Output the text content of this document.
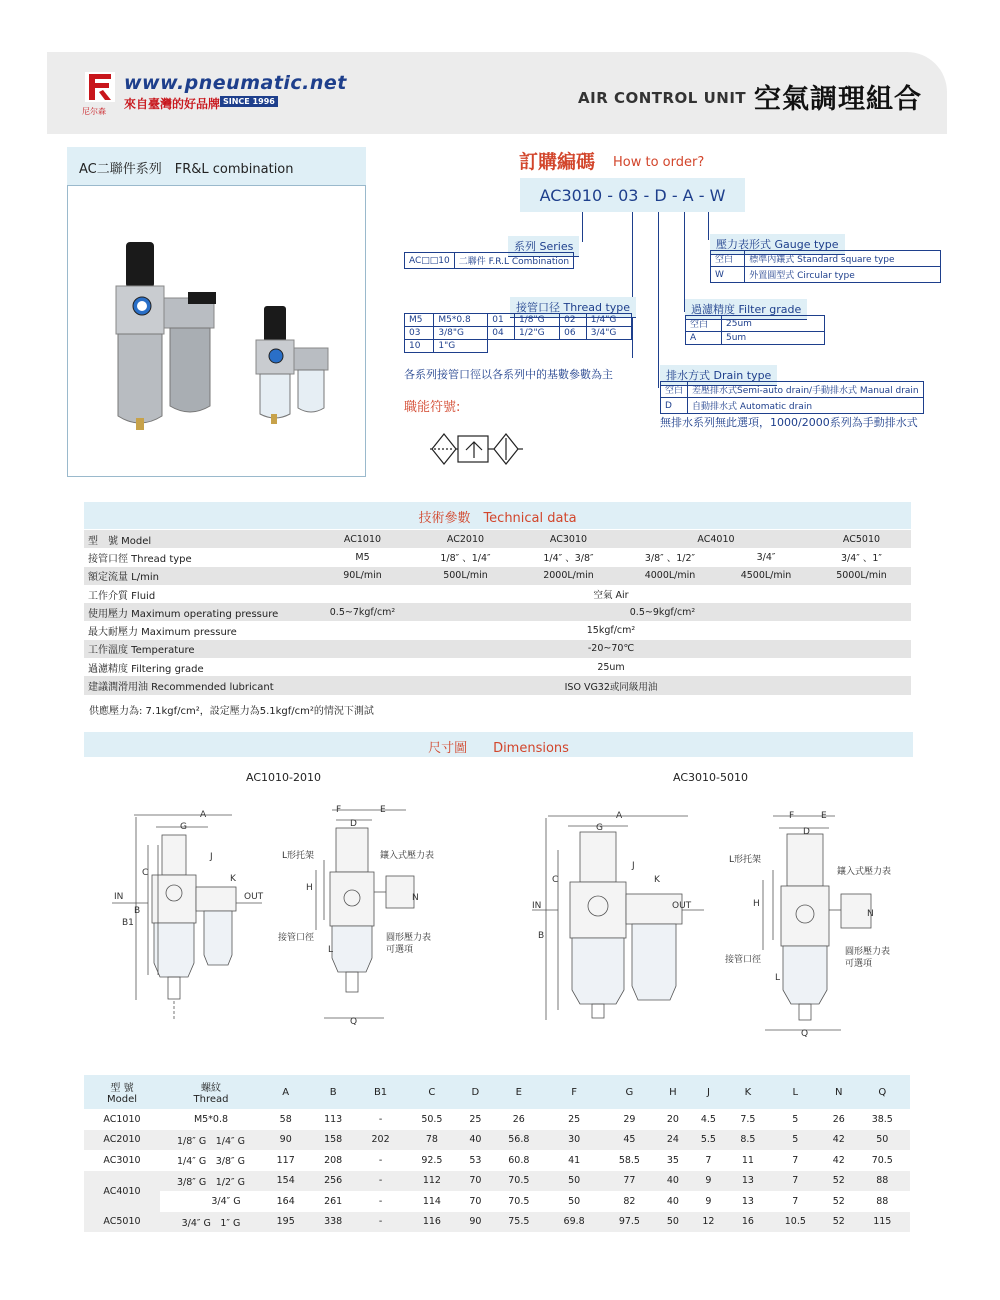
www.pneumatic.net
來自臺灣的好品牌 SINCE 1996
尼尔森
AIR CONTROL UNIT 空氣調理組合
AC二聯件系列　FR&L combination	訂購編碼 How to order?
AC3010 - 03 - D - A - W
系列 Series
AC□□10	二聯件 F.R.L Combination
接管口径 Thread type
M5	M5*0.8	01	1/8"G	02	1/4"G
03	3/8"G	04	1/2"G	06	3/4"G
10	1"G				
各系列接管口徑以各系列中的基數參數為主
職能符號:
壓力表形式 Gauge type
空白	標準內鑲式 Standard square type
W	外置圓型式 Circular type
過濾精度 Filter grade
空白	25um
A	5um
排水方式 Drain type
空白	差壓排水式Semi-auto drain/手動排水式 Manual drain
D	自動排水式 Automatic drain
無排水系列無此選項，1000/2000系列為手動排水式
技術參數　Technical data
型　號 Model	AC1010	AC2010	AC3010	AC4010		AC5010
接管口徑 Thread type	M5	1/8″ 、1/4″	1/4″ 、3/8″	3/8″ 、1/2″	3/4″	3/4″ 、1″
額定流量 L/min	90L/min	500L/min	2000L/min	4000L/min	4500L/min	5000L/min
工作介質 Fluid	空氣 Air					
使用壓力 Maximum operating pressure	0.5~7kgf/cm²	0.5~9kgf/cm²				
最大耐壓力 Maximum pressure	15kgf/cm²					
工作溫度 Temperature	-20~70℃					
過濾精度 Filtering grade	25um					
建議潤滑用油 Recommended lubricant	ISO VG32或同級用油					
供應壓力為: 7.1kgf/cm²，設定壓力為5.1kgf/cm²的情況下測試
尺寸圖　　Dimensions
AC1010-2010	AC3010-5010
A
G
J
K
C
B
B1
IN	OUT
F	E
D
H
N
L
Q
L形托架	鑲入式壓力表
接管口徑	圓形壓力表
可選項
A
G
J
K
C
B
IN	OUT
F	E
D
H
N
L
Q
L形托架
鑲入式壓力表
接管口徑
圓形壓力表
可選項
型 號
Model	螺紋
Thread	A	B	B1	C	D	E	F	G	H	J	K	L	N	Q
AC1010	M5*0.8	58	113	-	50.5	25	26	25	29	20	4.5	7.5	5	26	38.5
AC2010	1/8″ G　1/4″ G	90	158	202	78	40	56.8	30	45	24	5.5	8.5	5	42	50
AC3010	1/4″ G　3/8″ G	117	208	-	92.5	53	60.8	41	58.5	35	7	11	7	42	70.5
AC4010	3/8″ G　1/2″ G	154	256	-	112	70	70.5	50	77	40	9	13	7	52	88
	3/4″ G	164	261	-	114	70	70.5	50	82	40	9	13	7	52	88
AC5010	3/4″ G　1″ G	195	338	-	116	90	75.5	69.8	97.5	50	12	16	10.5	52	115
